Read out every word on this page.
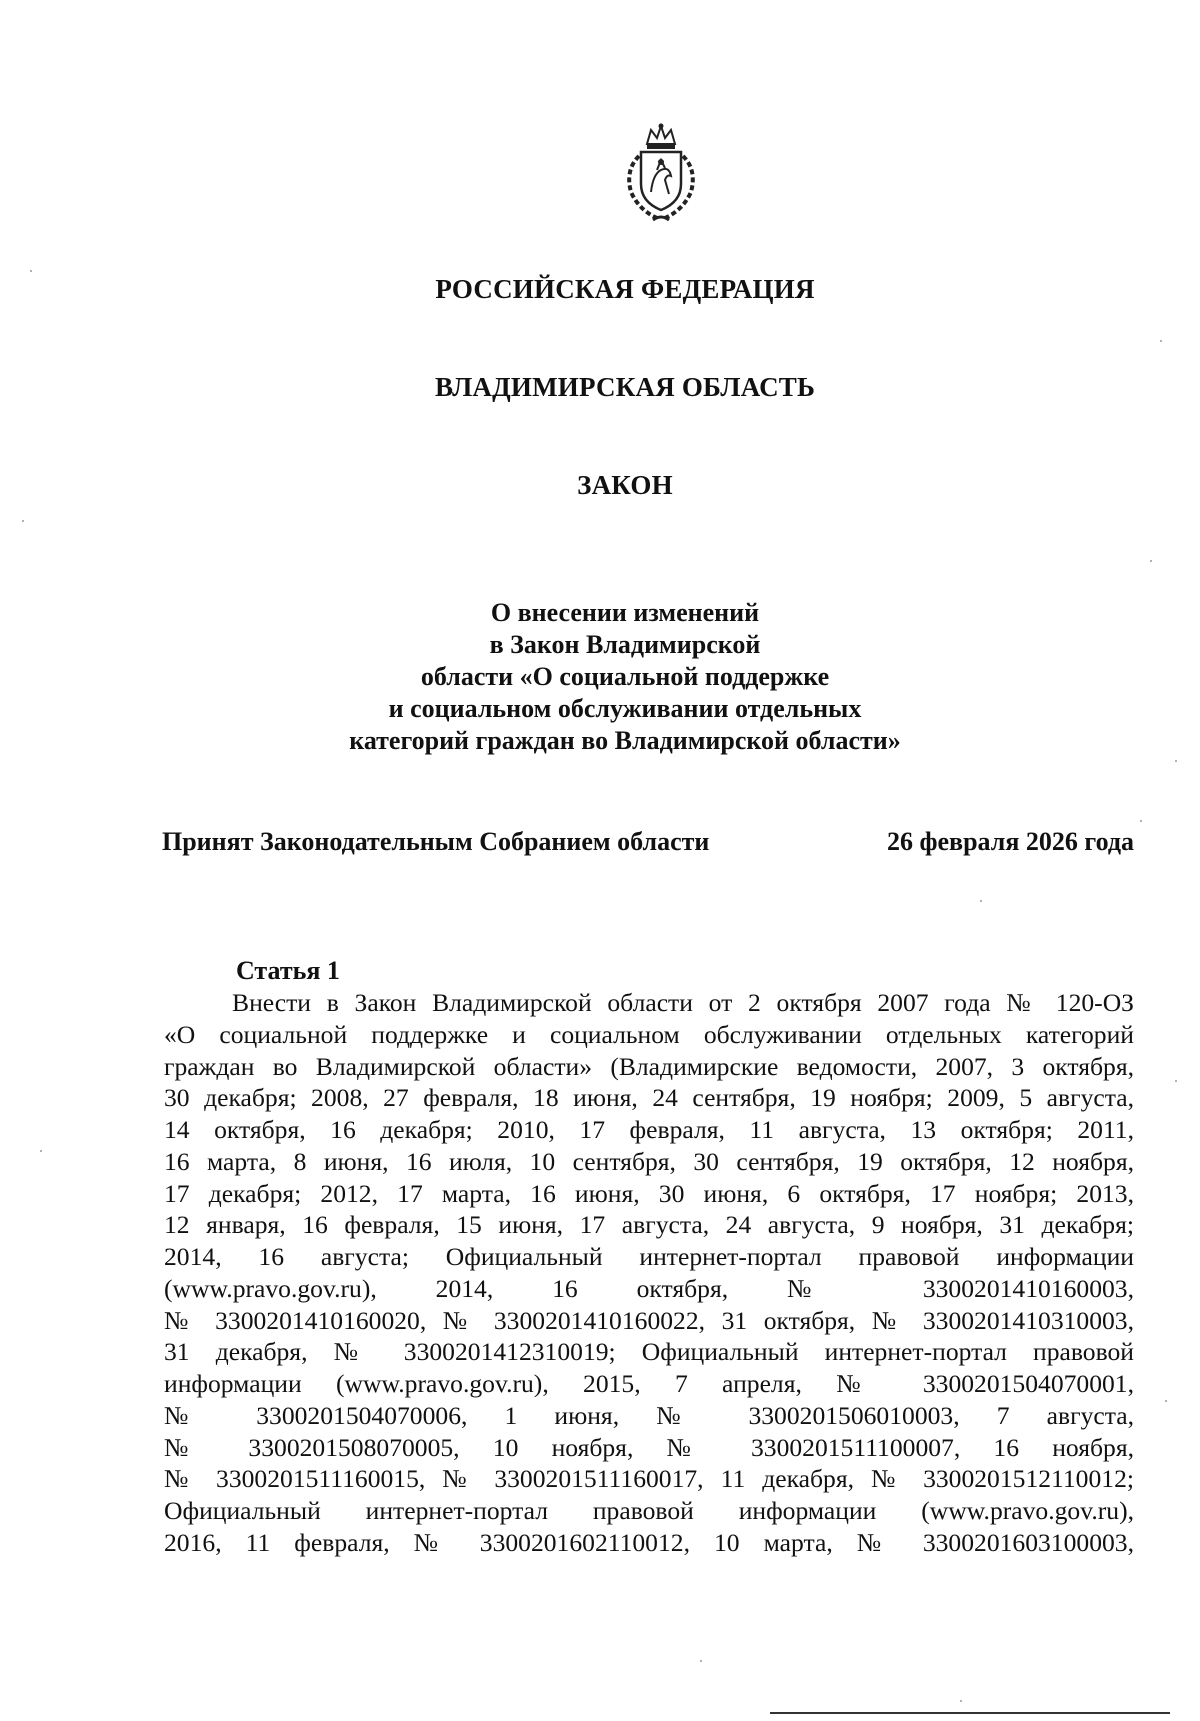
РОССИЙСКАЯ ФЕДЕРАЦИЯ
ВЛАДИМИРСКАЯ ОБЛАСТЬ
ЗАКОН
О внесении изменений
в Закон Владимирской
области «О социальной поддержке
и социальном обслуживании отдельных
категорий граждан во Владимирской области»
Принят Законодательным Собранием области	26 февраля 2026 года
Статья 1
Внести в Закон Владимирской области от 2 октября 2007 года № 120-ОЗ
«О социальной поддержке и социальном обслуживании отдельных категорий
граждан во Владимирской области» (Владимирские ведомости, 2007, 3 октября,
30 декабря; 2008, 27 февраля, 18 июня, 24 сентября, 19 ноября; 2009, 5 августа,
14 октября, 16 декабря; 2010, 17 февраля, 11 августа, 13 октября; 2011,
16 марта, 8 июня, 16 июля, 10 сентября, 30 сентября, 19 октября, 12 ноября,
17 декабря; 2012, 17 марта, 16 июня, 30 июня, 6 октября, 17 ноября; 2013,
12 января, 16 февраля, 15 июня, 17 августа, 24 августа, 9 ноября, 31 декабря;
2014, 16 августа; Официальный интернет-портал правовой информации
(www.pravo.gov.ru), 2014, 16 октября, № 3300201410160003,
№ 3300201410160020, № 3300201410160022, 31 октября, № 3300201410310003,
31 декабря, № 3300201412310019; Официальный интернет-портал правовой
информации (www.pravo.gov.ru), 2015, 7 апреля, № 3300201504070001,
№ 3300201504070006, 1 июня, № 3300201506010003, 7 августа,
№ 3300201508070005, 10 ноября, № 3300201511100007, 16 ноября,
№ 3300201511160015, № 3300201511160017, 11 декабря, № 3300201512110012;
Официальный интернет-портал правовой информации (www.pravo.gov.ru),
2016, 11 февраля, № 3300201602110012, 10 марта, № 3300201603100003,
